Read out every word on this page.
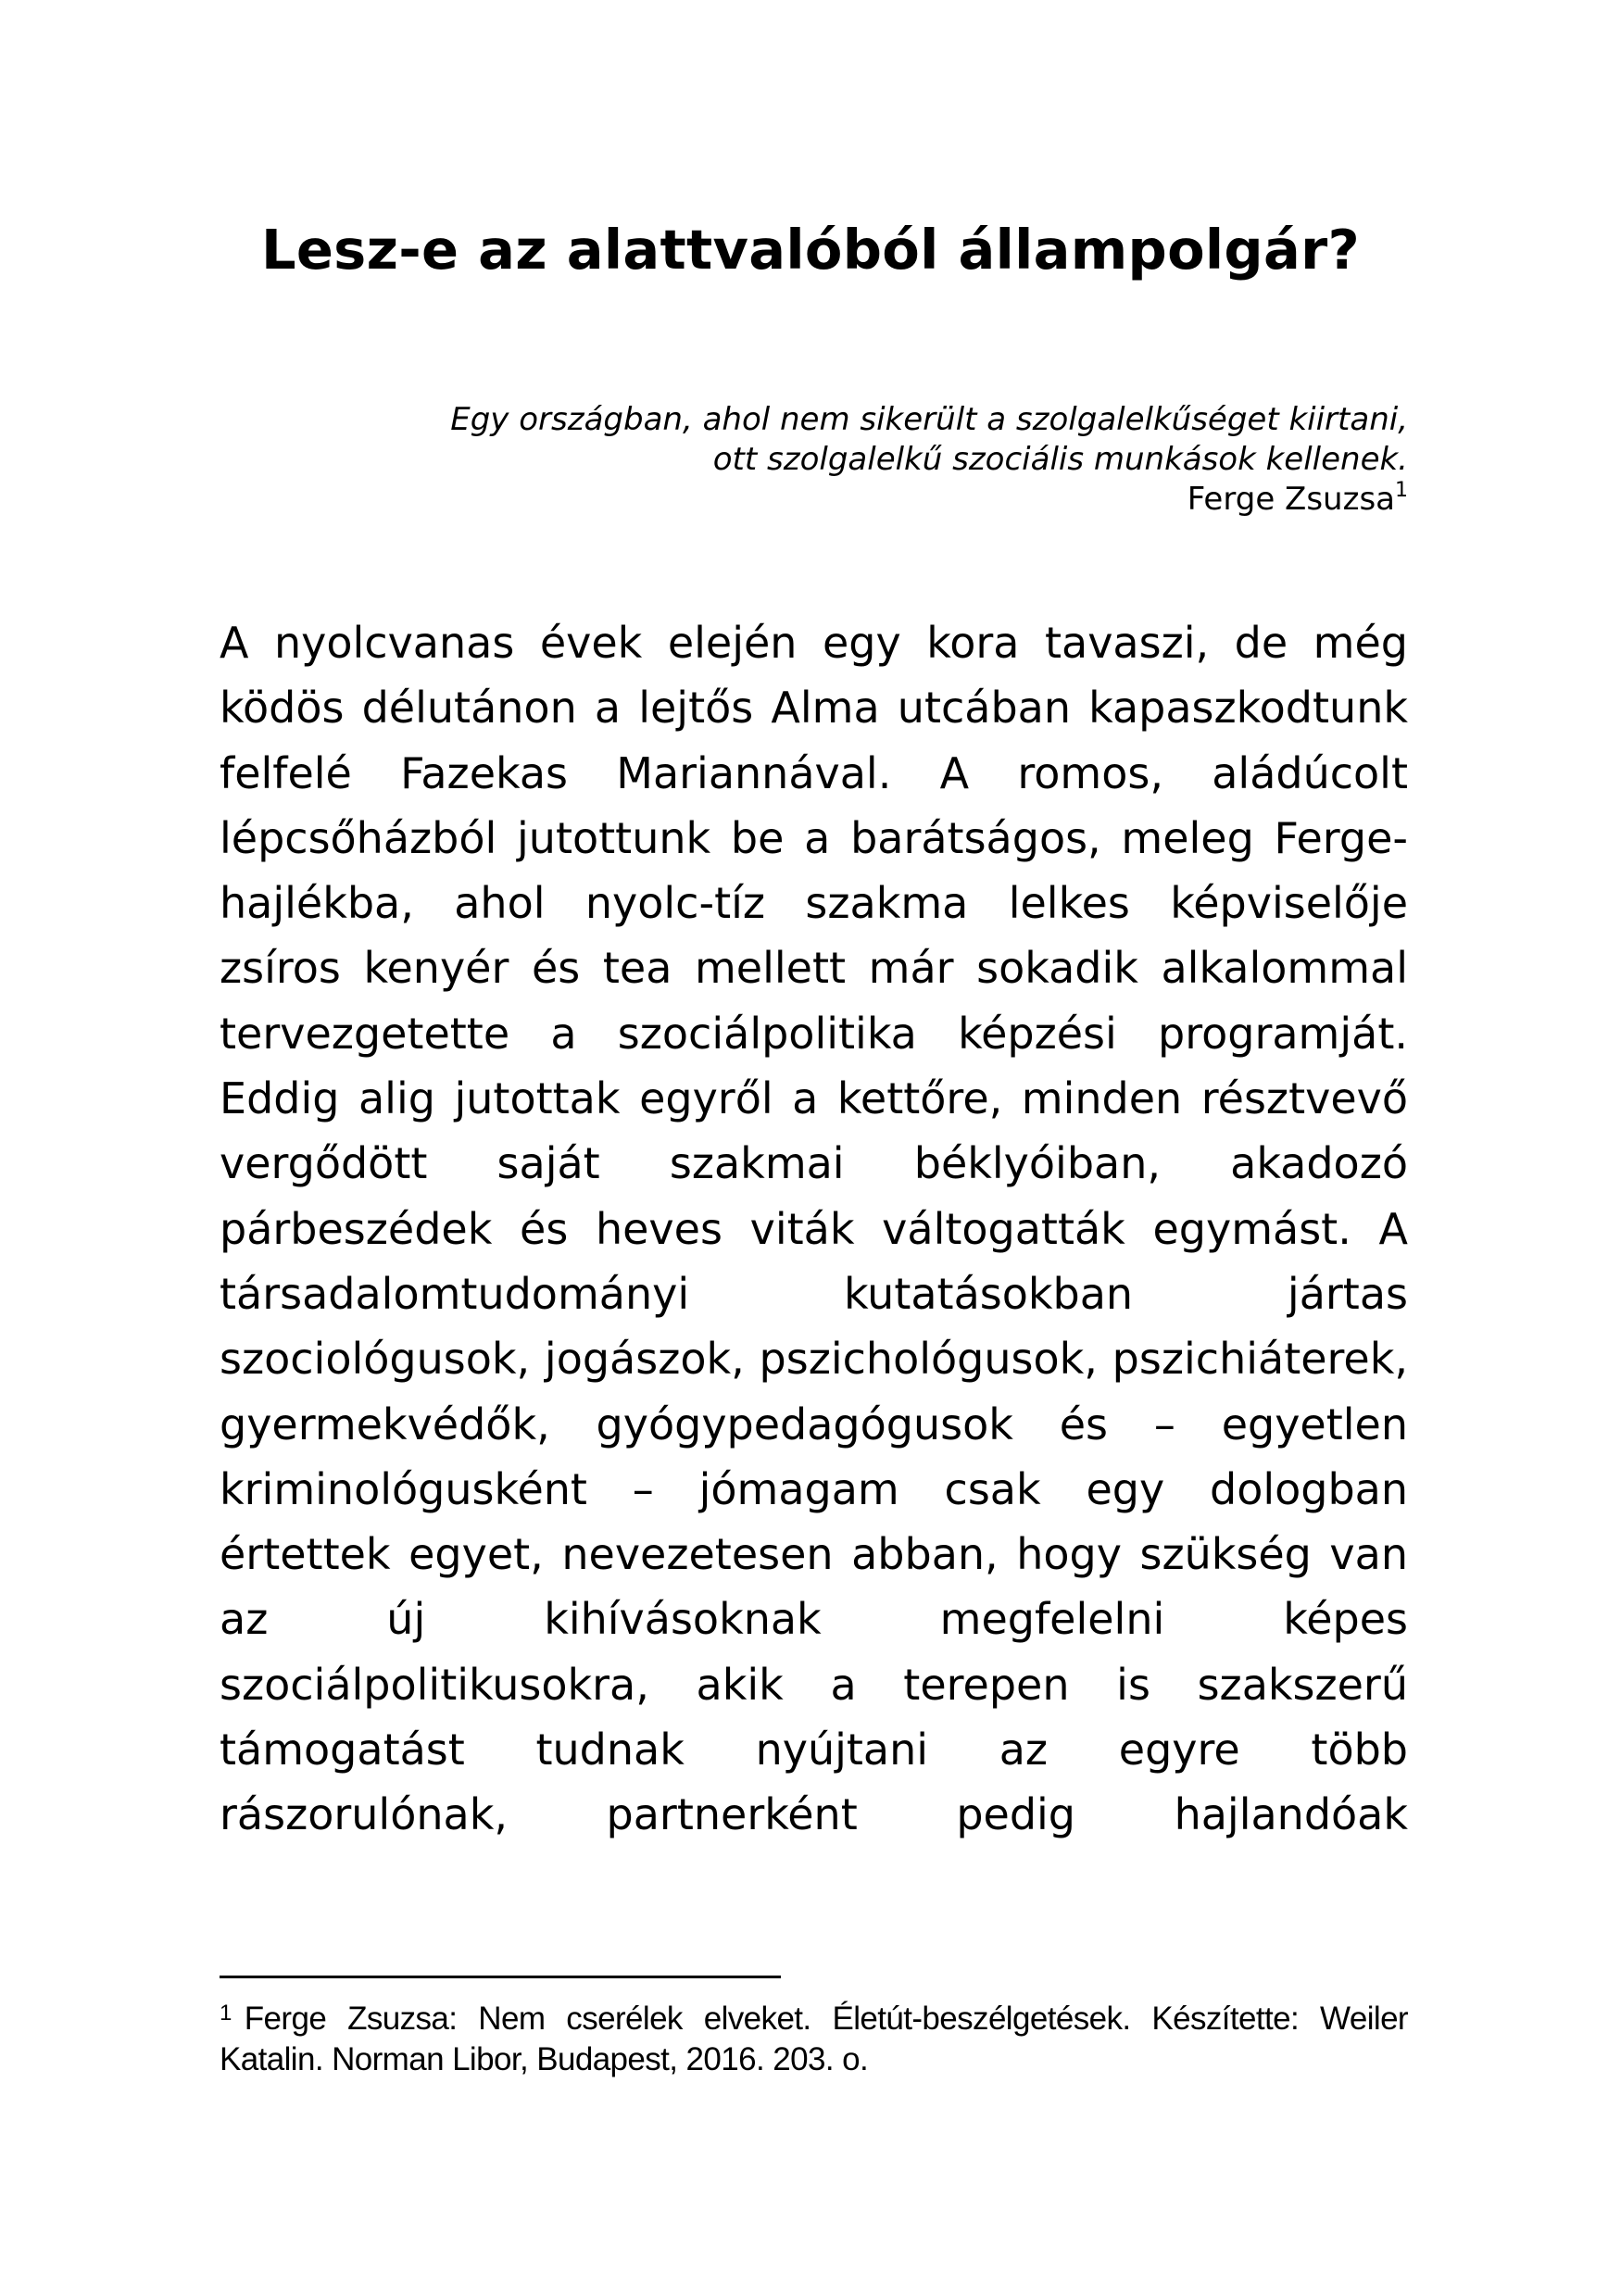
Lesz-e az alattvalóból állampolgár?
Egy országban, ahol nem sikerült a szolgalelkűséget kiirtani,
ott szolgalelkű szociális munkások kellenek.
Ferge Zsuzsa$^1$

A nyolcvanas évek elején egy kora tavaszi, de még ködös délutánon a lejtős Alma utcában kapaszkodtunk felfelé Fazekas Mariannával. A romos, aládúcolt lépcsőházból jutottunk be a barátságos, meleg Ferge-hajlékba, ahol nyolc-tíz szakma lelkes képviselője zsíros kenyér és tea mellett már sokadik alkalommal tervezgetette a szociálpolitika képzési programját. Eddig alig jutottak egyről a kettőre, minden résztvevő vergődött saját szakmai béklyóiban, akadozó párbeszédek és heves viták váltogatták egymást. A társadalomtudományi kutatásokban jártas szociológusok, jogászok, pszichológusok, pszichiáterek, gyermekvédők, gyógypedagógusok és – egyetlen kriminológusként – jómagam csak egy dologban értettek egyet, nevezetesen abban, hogy szükség van az új kihívásoknak megfelelni képes szociálpolitikusokra, akik a terepen is szakszerű támogatást tudnak nyújtani az egyre több rászorulónak, partnerként pedig hajlandóak

$^1$ Ferge Zsuzsa: Nem cserélek elveket. Életút-beszélgetések. Készítette: Weiler Katalin. Norman Libor, Budapest, 2016. 203. o.
